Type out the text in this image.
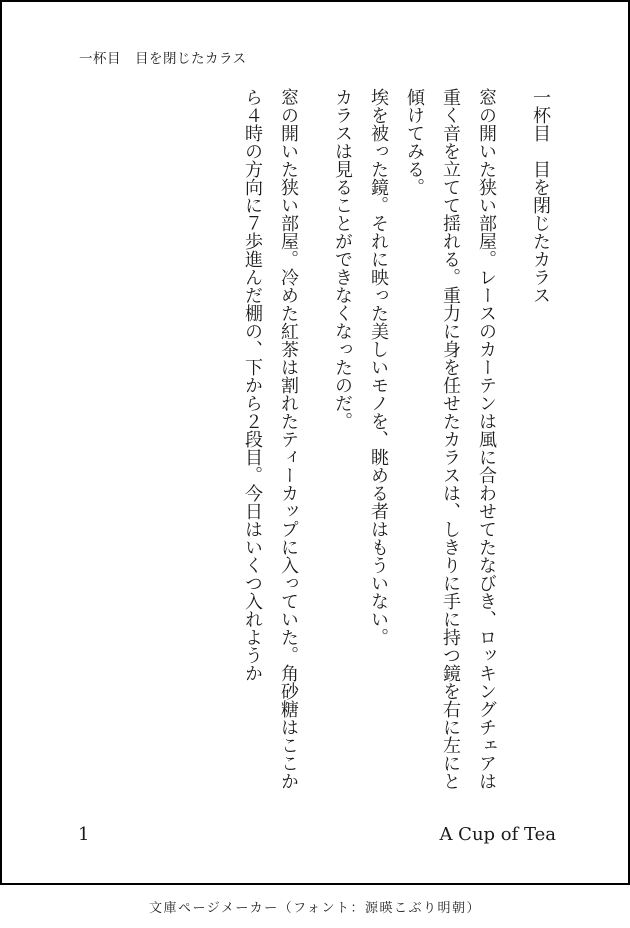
一杯目　目を閉じたカラス

一杯目　目を閉じたカラス

窓の開いた狭い部屋。レースのカーテンは風に合わせてたなびき、ロッキングチェアは重く音を立てて揺れる。重力に身を任せたカラスは、しきりに手に持つ鏡を右に左にと傾けてみる。

埃を被った鏡。それに映った美しいモノを、眺める者はもういない。

カラスは見ることができなくなったのだ。

窓の開いた狭い部屋。冷めた紅茶は割れたティーカップに入っていた。角砂糖はここから４時の方向に７歩進んだ棚の、下から２段目。今日はいくつ入れようか

1	A Cup of Tea
文庫ページメーカー（フォント：源暎こぶり明朝）
